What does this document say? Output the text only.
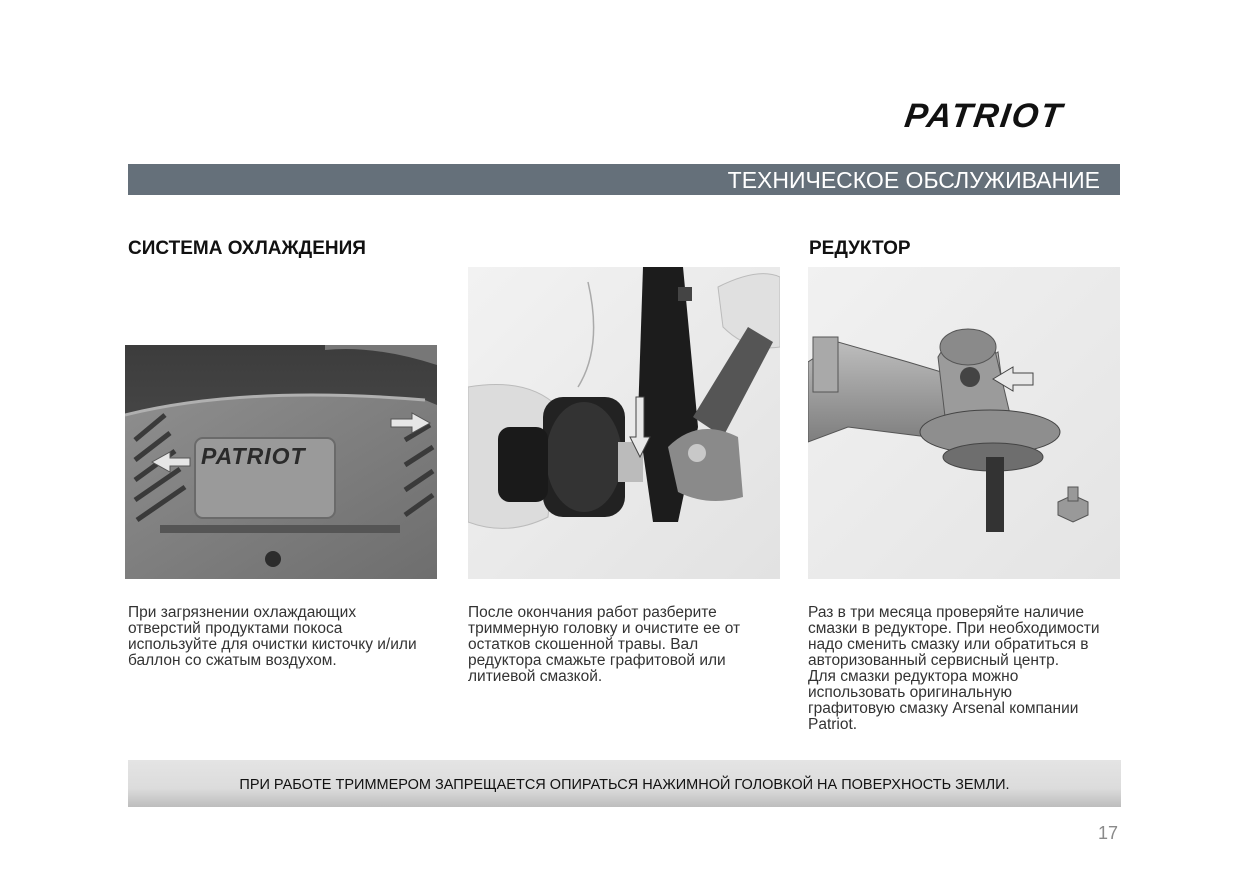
PATRIOT
ТЕХНИЧЕСКОЕ ОБСЛУЖИВАНИЕ
СИСТЕМА ОХЛАЖДЕНИЯ	РЕДУКТОР
PATRIOT

При загрязнении охлаждающих

отверстий продуктами покоса

используйте для очистки кисточку и/или

баллон со сжатым воздухом.

После окончания работ разберите

триммерную головку и очистите ее от

остатков скошенной травы. Вал

редуктора смажьте графитовой или

литиевой смазкой.

Раз в три месяца проверяйте наличие

смазки в редукторе. При необходимости

надо сменить смазку или обратиться в

авторизованный сервисный центр.

Для смазки редуктора можно

использовать оригинальную

графитовую смазку Arsenal компании

Patriot.

ПРИ РАБОТЕ ТРИММЕРОМ ЗАПРЕЩАЕТСЯ ОПИРАТЬСЯ НАЖИМНОЙ ГОЛОВКОЙ НА ПОВЕРХНОСТЬ ЗЕМЛИ.
17
